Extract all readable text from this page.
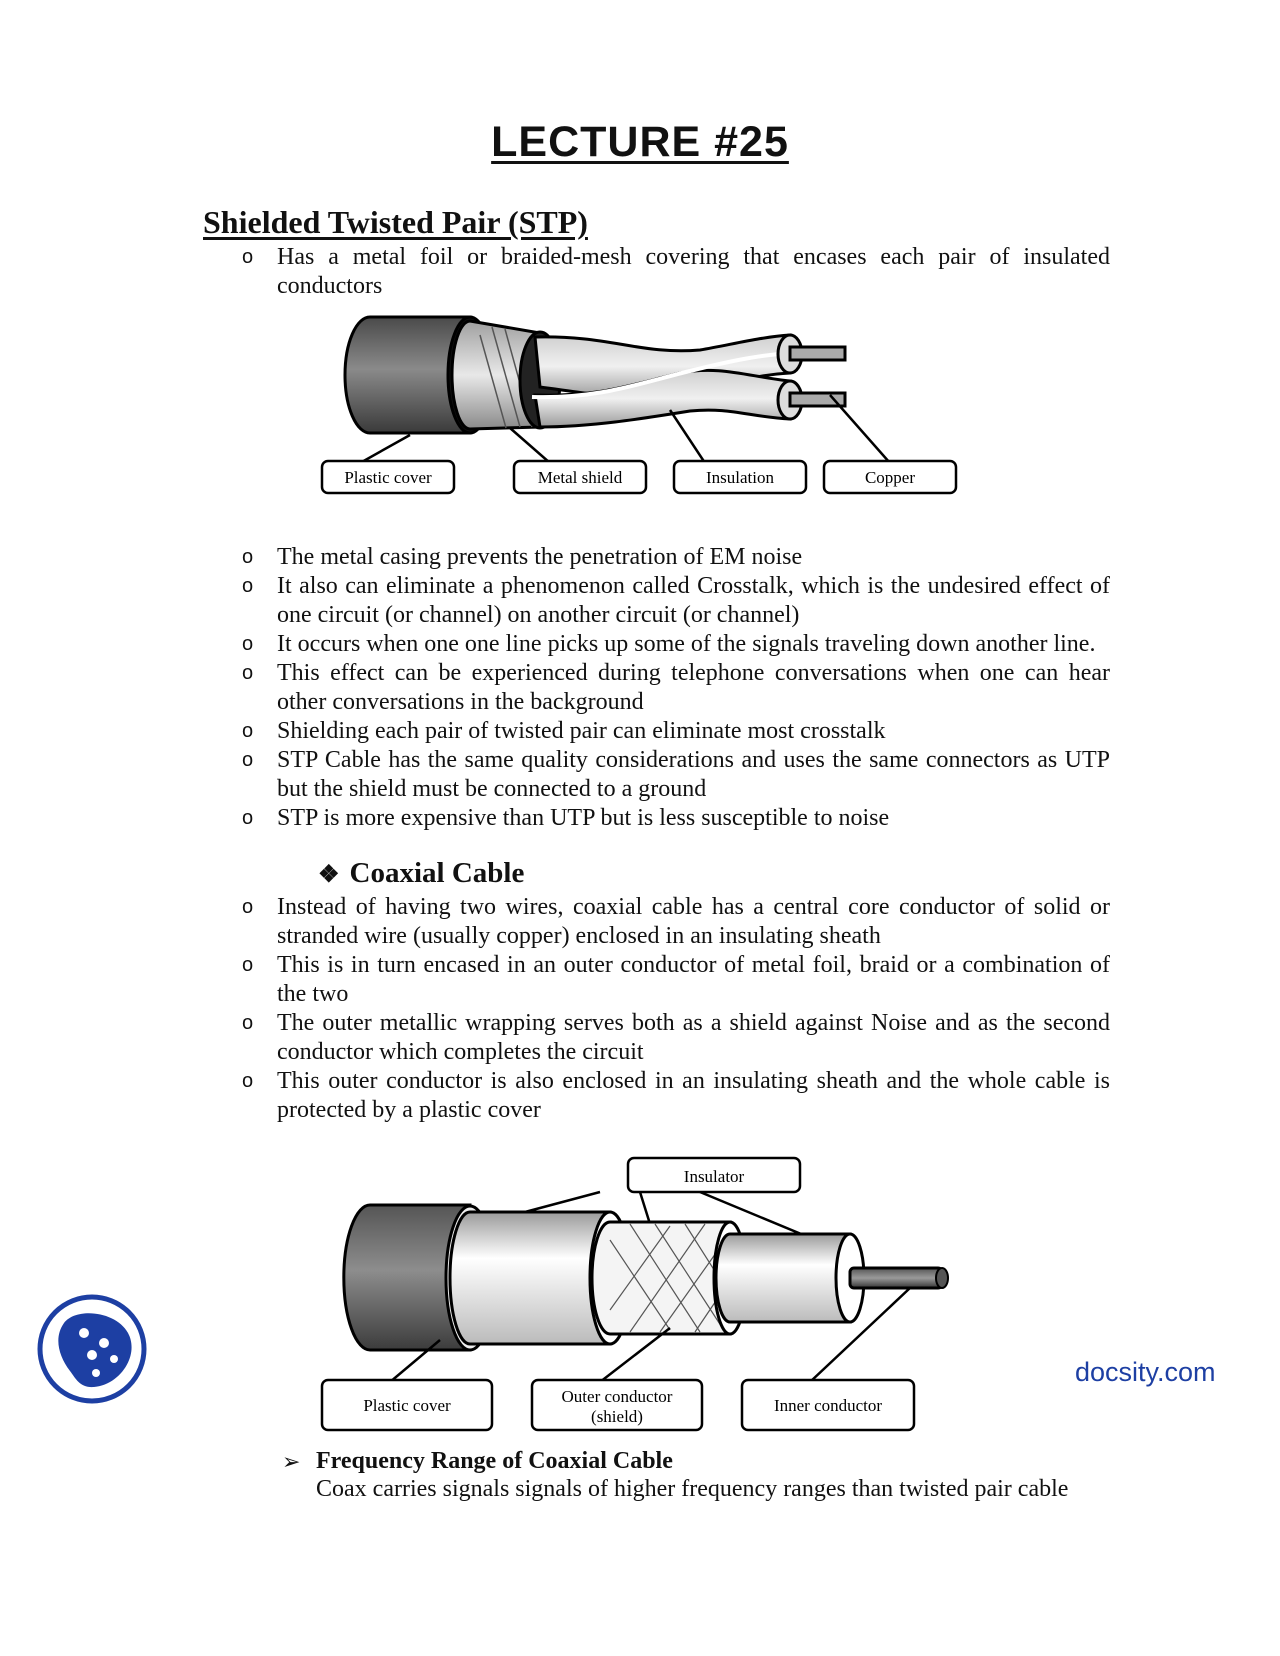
LECTURE #25
Shielded Twisted Pair (STP)
o Has a metal foil or braided-mesh covering that encases each pair of insulated conductors
Plastic cover	Metal shield	Insulation	Copper
o The metal casing prevents the penetration of EM noise
o It also can eliminate a phenomenon called Crosstalk, which is the undesired effect of one circuit (or channel) on another circuit (or channel)
o It occurs when one one line picks up some of the signals traveling down another line.
o This effect can be experienced during telephone conversations when one can hear other conversations in the background
o Shielding each pair of twisted pair can eliminate most crosstalk
o STP Cable has the same quality considerations and uses the same connectors as UTP but the shield must be connected to a ground
o STP is more expensive than UTP but is less susceptible to noise
❖ Coaxial Cable
o Instead of having two wires, coaxial cable has a central core conductor of solid or stranded wire (usually copper) enclosed in an insulating sheath
o This is in turn encased in an outer conductor of metal foil, braid or a combination of the two
o The outer metallic wrapping serves both as a shield against Noise and as the second conductor which completes the circuit
o This outer conductor is also enclosed in an insulating sheath and the whole cable is protected by a plastic cover
Insulator
Plastic cover	Outer conductor
(shield)
Inner conductor
docsity.com
➢ Frequency Range of Coaxial Cable
Coax carries signals signals of higher frequency ranges than twisted pair cable
